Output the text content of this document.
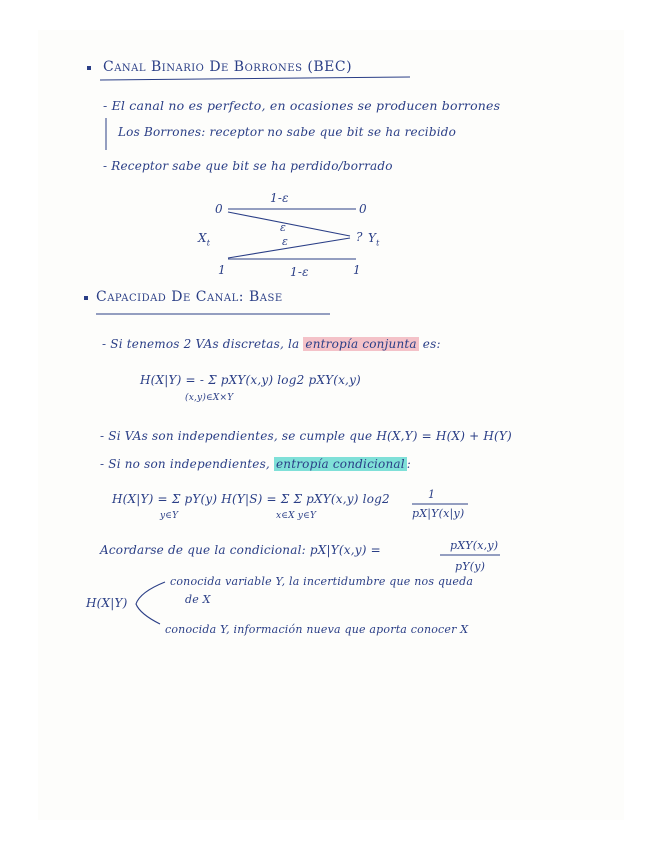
Canal Binario De Borrones (BEC)
- El canal no es perfecto, en ocasiones se producen borrones
Los Borrones: receptor no sabe que bit se ha recibido
- Receptor sabe que bit se ha perdido/borrado
1-ε
1-ε
ε
ε
0
1
0
1
?
$X_t$	$Y_t$
Capacidad De Canal: Base
- Si tenemos 2 VAs discretas, la entropía conjunta es:
H(X|Y) = - Σ pXY(x,y) log2 pXY(x,y)
(x,y)∈X×Y
- Si VAs son independientes, se cumple que H(X,Y) = H(X) + H(Y)
- Si no son independientes, entropía condicional :
H(X|Y) = Σ pY(y) H(Y|S) = Σ Σ pXY(x,y) log2
y∈Y	x∈X y∈Y
1
pX|Y(x|y)
Acordarse de que la condicional: pX|Y(x,y) =	pXY(x,y)
pY(y)
H(X|Y)
conocida variable Y, la incertidumbre que nos queda
de X
conocida Y, información nueva que aporta conocer X
